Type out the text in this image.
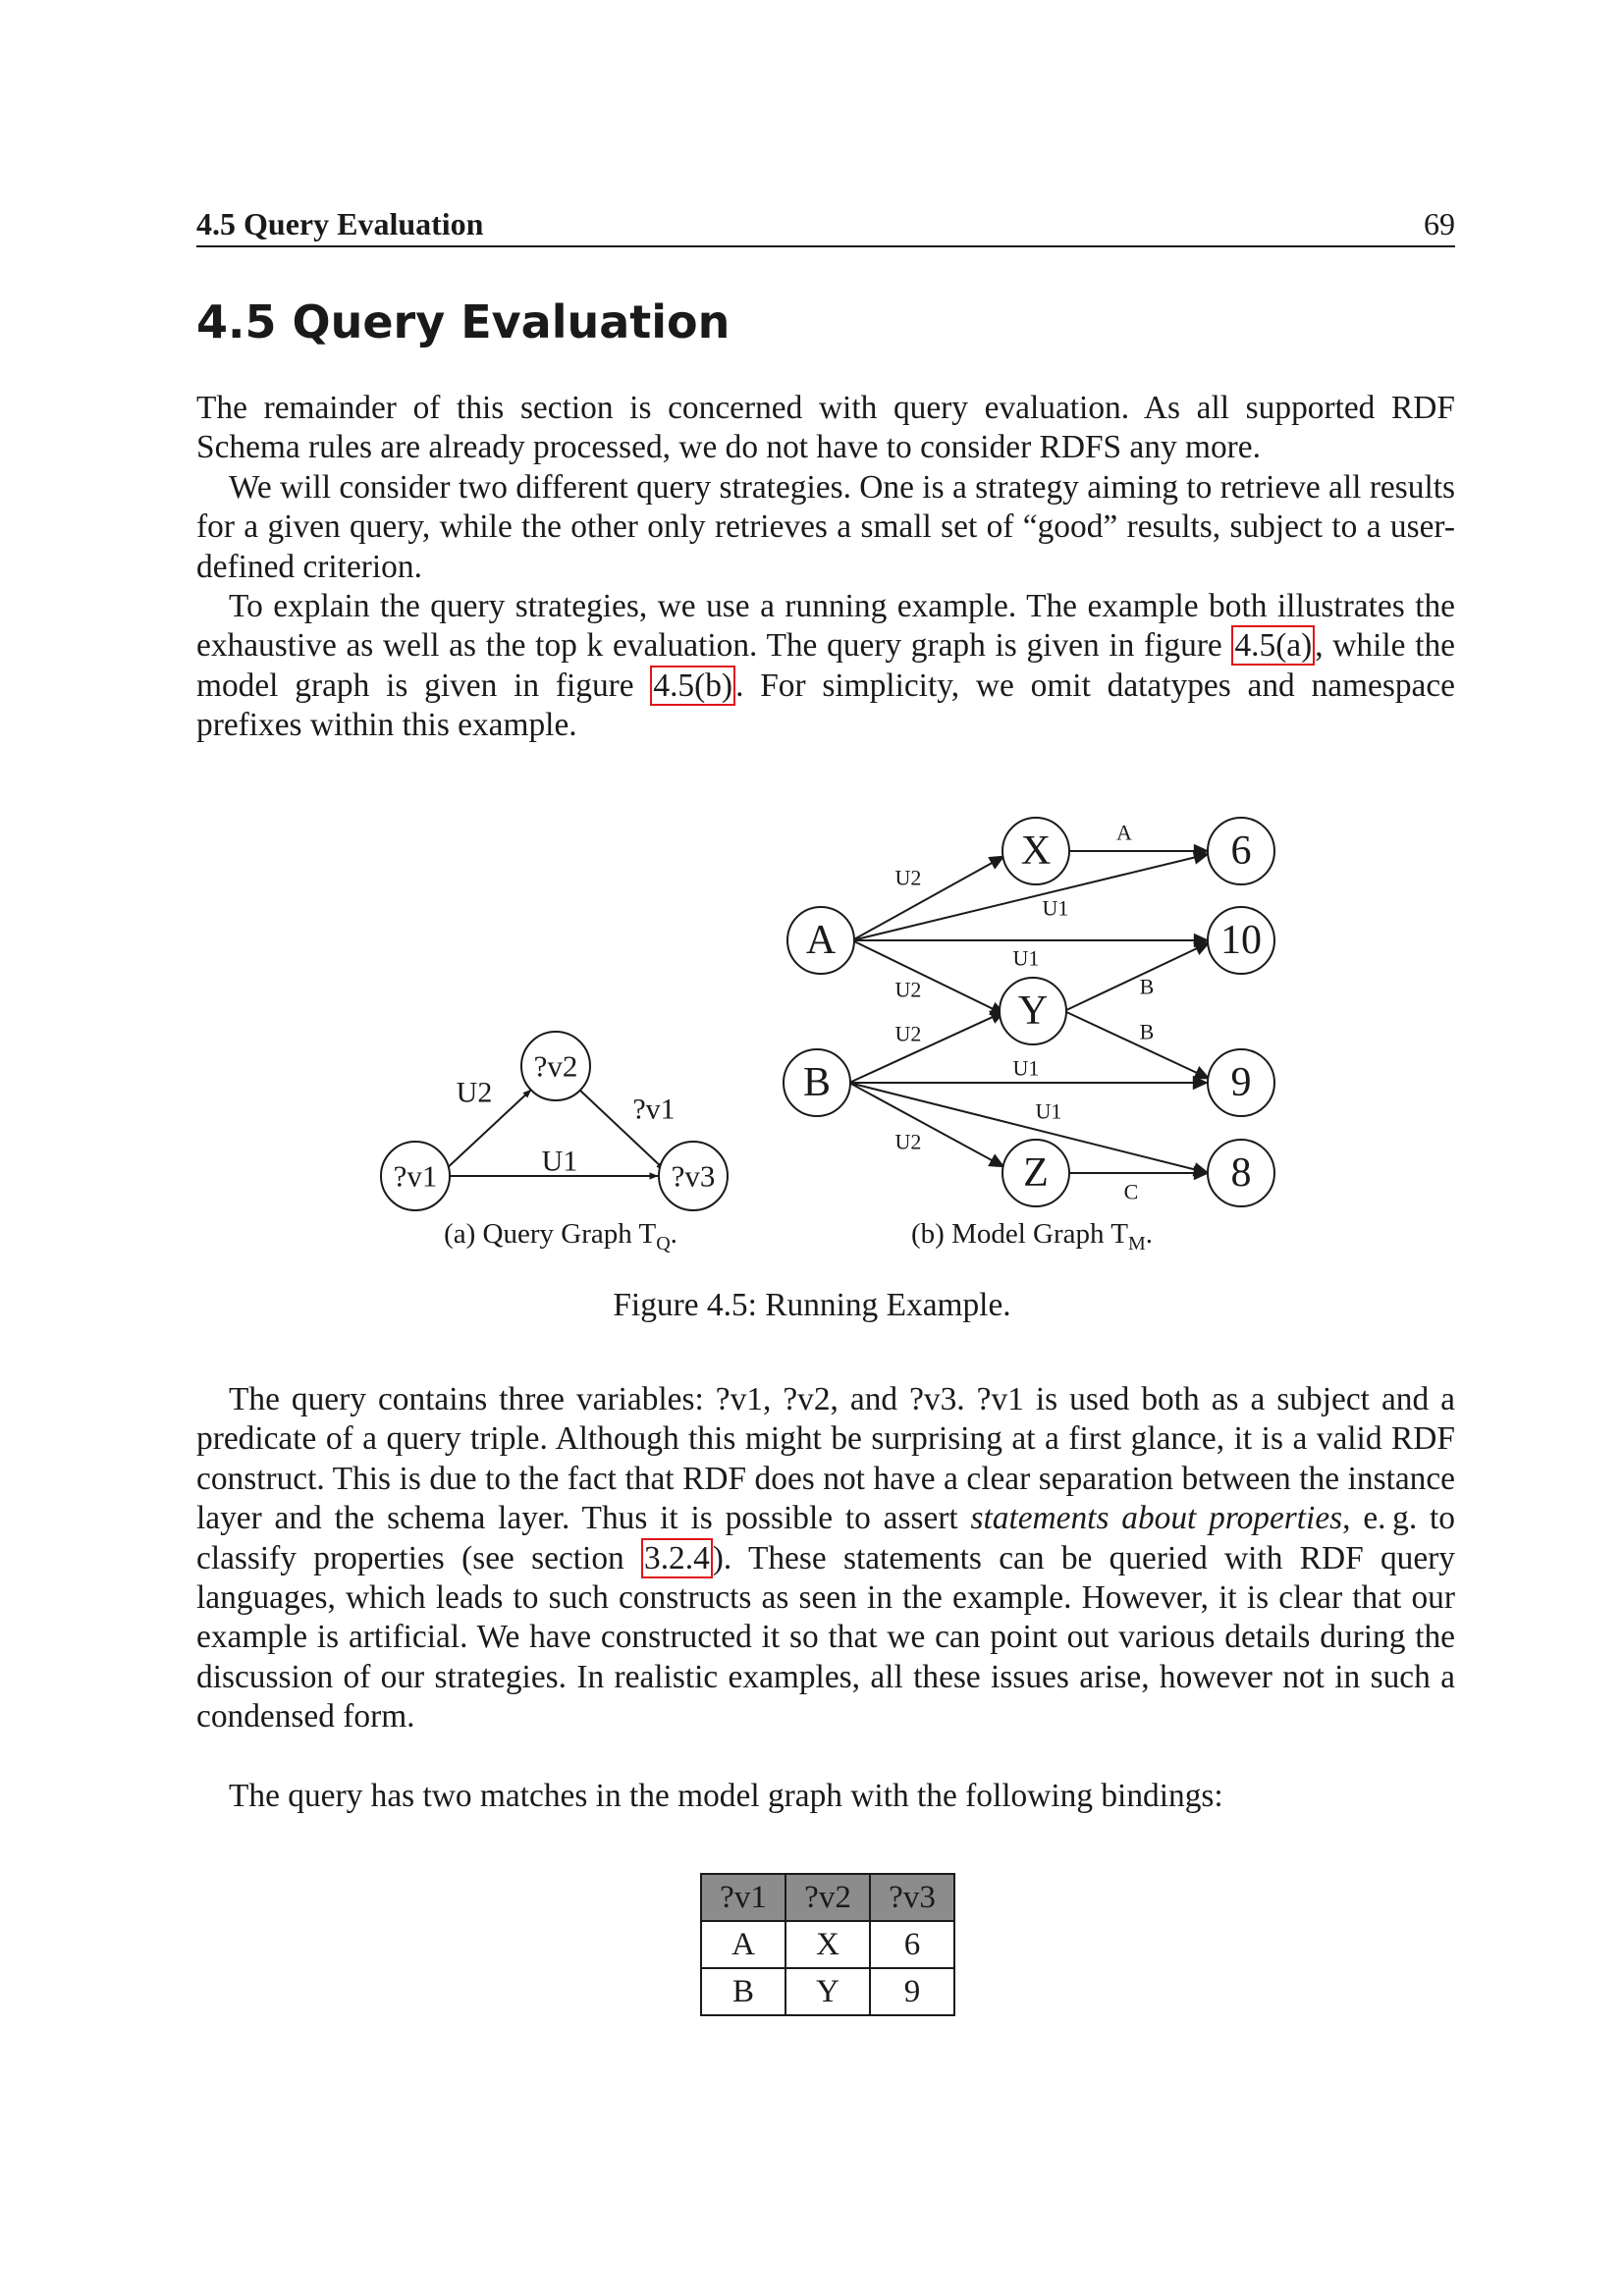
4.5 Query Evaluation	69
4.5 Query Evaluation

The remainder of this section is concerned with query evaluation. As all supported RDF Schema rules are already processed, we do not have to consider RDFS any more.

We will consider two different query strategies. One is a strategy aiming to retrieve all results for a given query, while the other only retrieves a small set of “good” results, subject to a user-defined criterion.

To explain the query strategies, we use a running example. The example both illustrates the exhaustive as well as the top k evaluation. The query graph is given in figure 4.5(a), while the model graph is given in figure 4.5(b). For simplicity, we omit datatypes and namespace prefixes within this example.

?v1
?v2
?v3
U2
?v1
U1
A
B
X
Y
Z
6
10
9
8
U2
U1
U1
U2
A
B
B
U2
U1
U1
U2
C
(a) Query Graph $T_Q$.	(b) Model Graph $T_M$.
Figure 4.5: Running Example.

The query contains three variables: ?v1, ?v2, and ?v3. ?v1 is used both as a subject and a predicate of a query triple. Although this might be surprising at a first glance, it is a valid RDF construct. This is due to the fact that RDF does not have a clear separation between the instance layer and the schema layer. Thus it is possible to assert statements about properties, e. g. to classify properties (see section 3.2.4). These statements can be queried with RDF query languages, which leads to such constructs as seen in the example. However, it is clear that our example is artificial. We have constructed it so that we can point out various details during the discussion of our strategies. In realistic examples, all these issues arise, however not in such a condensed form.

The query has two matches in the model graph with the following bindings:

?v1	?v2	?v3
A	X	6
B	Y	9
